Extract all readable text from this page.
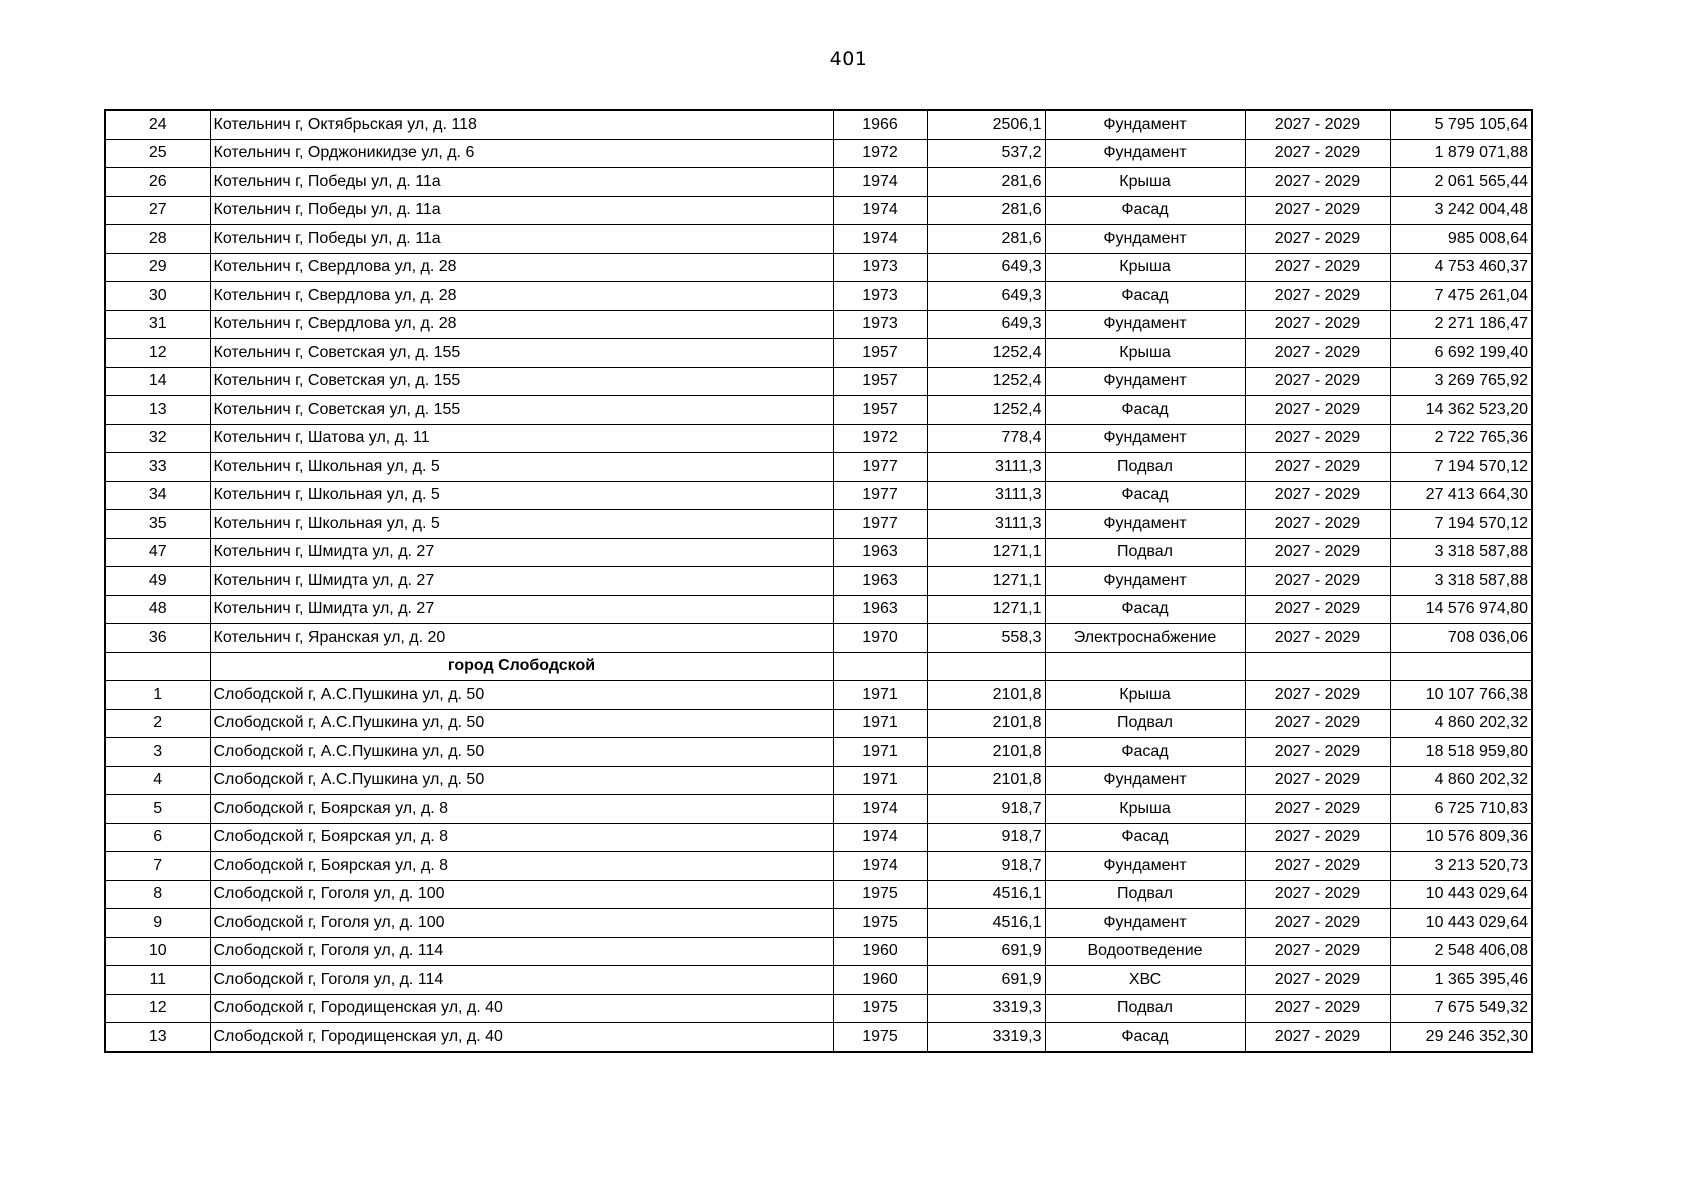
401
24	Котельнич г, Октябрьская ул, д. 118	1966	2506,1	Фундамент	2027 - 2029	5 795 105,64
25	Котельнич г, Орджоникидзе ул, д. 6	1972	537,2	Фундамент	2027 - 2029	1 879 071,88
26	Котельнич г, Победы ул, д. 11а	1974	281,6	Крыша	2027 - 2029	2 061 565,44
27	Котельнич г, Победы ул, д. 11а	1974	281,6	Фасад	2027 - 2029	3 242 004,48
28	Котельнич г, Победы ул, д. 11а	1974	281,6	Фундамент	2027 - 2029	985 008,64
29	Котельнич г, Свердлова ул, д. 28	1973	649,3	Крыша	2027 - 2029	4 753 460,37
30	Котельнич г, Свердлова ул, д. 28	1973	649,3	Фасад	2027 - 2029	7 475 261,04
31	Котельнич г, Свердлова ул, д. 28	1973	649,3	Фундамент	2027 - 2029	2 271 186,47
12	Котельнич г, Советская ул, д. 155	1957	1252,4	Крыша	2027 - 2029	6 692 199,40
14	Котельнич г, Советская ул, д. 155	1957	1252,4	Фундамент	2027 - 2029	3 269 765,92
13	Котельнич г, Советская ул, д. 155	1957	1252,4	Фасад	2027 - 2029	14 362 523,20
32	Котельнич г, Шатова ул, д. 11	1972	778,4	Фундамент	2027 - 2029	2 722 765,36
33	Котельнич г, Школьная ул, д. 5	1977	3111,3	Подвал	2027 - 2029	7 194 570,12
34	Котельнич г, Школьная ул, д. 5	1977	3111,3	Фасад	2027 - 2029	27 413 664,30
35	Котельнич г, Школьная ул, д. 5	1977	3111,3	Фундамент	2027 - 2029	7 194 570,12
47	Котельнич г, Шмидта ул, д. 27	1963	1271,1	Подвал	2027 - 2029	3 318 587,88
49	Котельнич г, Шмидта ул, д. 27	1963	1271,1	Фундамент	2027 - 2029	3 318 587,88
48	Котельнич г, Шмидта ул, д. 27	1963	1271,1	Фасад	2027 - 2029	14 576 974,80
36	Котельнич г, Яранская ул, д. 20	1970	558,3	Электроснабжение	2027 - 2029	708 036,06
	город Слободской					
1	Слободской г, А.С.Пушкина ул, д. 50	1971	2101,8	Крыша	2027 - 2029	10 107 766,38
2	Слободской г, А.С.Пушкина ул, д. 50	1971	2101,8	Подвал	2027 - 2029	4 860 202,32
3	Слободской г, А.С.Пушкина ул, д. 50	1971	2101,8	Фасад	2027 - 2029	18 518 959,80
4	Слободской г, А.С.Пушкина ул, д. 50	1971	2101,8	Фундамент	2027 - 2029	4 860 202,32
5	Слободской г, Боярская ул, д. 8	1974	918,7	Крыша	2027 - 2029	6 725 710,83
6	Слободской г, Боярская ул, д. 8	1974	918,7	Фасад	2027 - 2029	10 576 809,36
7	Слободской г, Боярская ул, д. 8	1974	918,7	Фундамент	2027 - 2029	3 213 520,73
8	Слободской г, Гоголя ул, д. 100	1975	4516,1	Подвал	2027 - 2029	10 443 029,64
9	Слободской г, Гоголя ул, д. 100	1975	4516,1	Фундамент	2027 - 2029	10 443 029,64
10	Слободской г, Гоголя ул, д. 114	1960	691,9	Водоотведение	2027 - 2029	2 548 406,08
11	Слободской г, Гоголя ул, д. 114	1960	691,9	ХВС	2027 - 2029	1 365 395,46
12	Слободской г, Городищенская ул, д. 40	1975	3319,3	Подвал	2027 - 2029	7 675 549,32
13	Слободской г, Городищенская ул, д. 40	1975	3319,3	Фасад	2027 - 2029	29 246 352,30
